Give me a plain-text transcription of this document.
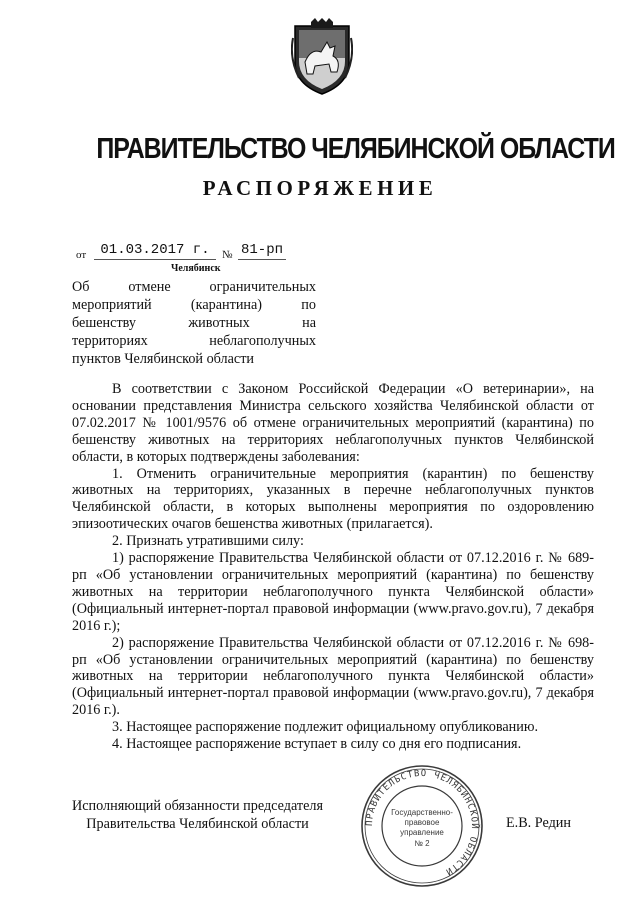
ПРАВИТЕЛЬСТВО ЧЕЛЯБИНСКОЙ ОБЛАСТИ
РАСПОРЯЖЕНИЕ
от	01.03.2017 г.	№ 81-рп
Челябинск
Об отмене ограничительных
мероприятий (карантина) по
бешенству животных на
территориях неблагополучных
пунктов Челябинской области

В соответствии с Законом Российской Федерации «О ветеринарии», на основании представления Министра сельского хозяйства Челябинской области от 07.02.2017 № 1001/9576 об отмене ограничительных мероприятий (карантина) по бешенству животных на территориях неблагополучных пунктов Челябинской области, в которых подтверждены заболевания:

1. Отменить ограничительные мероприятия (карантин) по бешенству животных на территориях, указанных в перечне неблагополучных пунктов Челябинской области, в которых выполнены мероприятия по оздоровлению эпизоотических очагов бешенства животных (прилагается).

2. Признать утратившими силу:

1) распоряжение Правительства Челябинской области от 07.12.2016 г. № 689-рп «Об установлении ограничительных мероприятий (карантина) по бешенству животных на территории неблагополучного пункта Челябинской области» (Официальный интернет-портал правовой информации (www.pravo.gov.ru), 7 декабря 2016 г.);

2) распоряжение Правительства Челябинской области от 07.12.2016 г. № 698-рп «Об установлении ограничительных мероприятий (карантина) по бешенству животных на территории неблагополучного пункта Челябинской области» (Официальный интернет-портал правовой информации (www.pravo.gov.ru), 7 декабря 2016 г.).

3. Настоящее распоряжение подлежит официальному опубликованию.

4. Настоящее распоряжение вступает в силу со дня его подписания.

Исполняющий обязанности председателя
Правительства Челябинской области	Е.В. Редин
ПРАВИТЕЛЬСТВО ЧЕЛЯБИНСКОЙ ОБЛАСТИ
Государственно-
правовое
управление
№ 2
